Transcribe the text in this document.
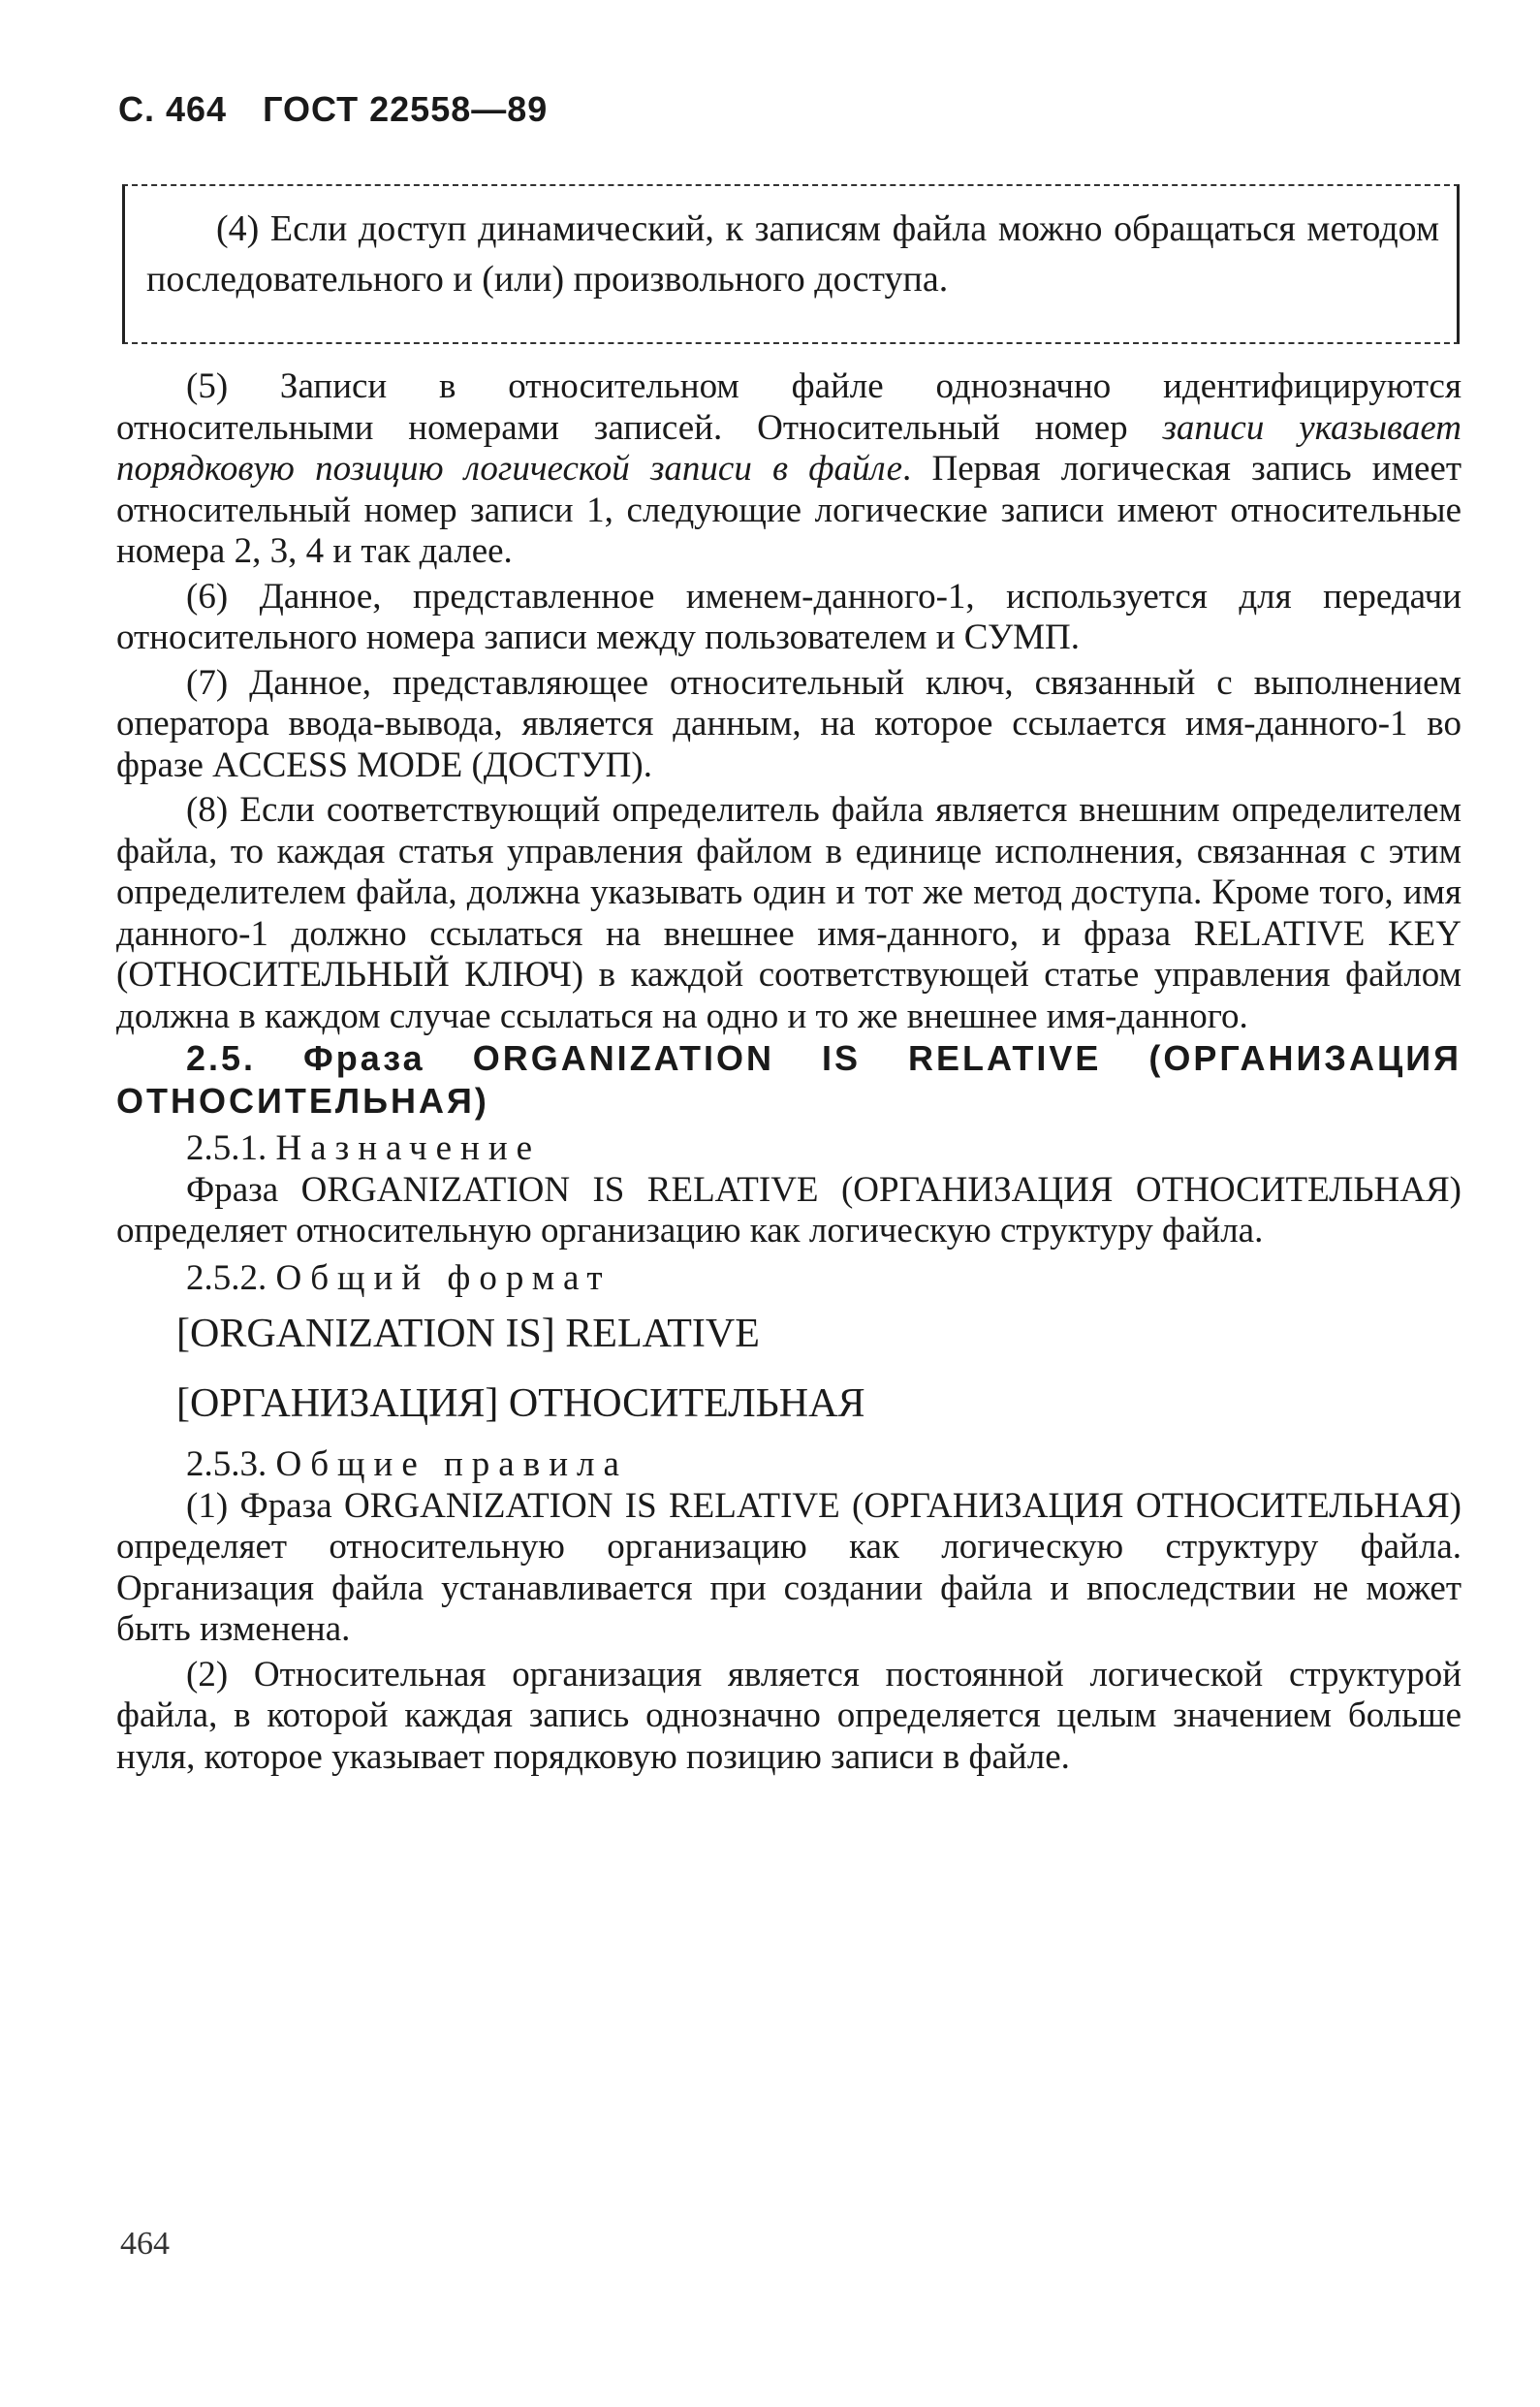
С. 464 ГОСТ 22558—89
(4) Если доступ динамический, к записям файла можно обращаться методом последовательного и (или) произвольного доступа.

(5) Записи в относительном файле однозначно идентифицируются относительными номерами записей. Относительный номер записи указывает порядковую позицию логической записи в файле. Первая логическая запись имеет относительный номер записи 1, следующие логические записи имеют относительные номера 2, 3, 4 и так далее.

(6) Данное, представленное именем-данного-1, используется для передачи относительного номера записи между пользователем и СУМП.

(7) Данное, представляющее относительный ключ, связанный с выполнением оператора ввода-вывода, является данным, на которое ссылается имя-данного-1 во фразе ACCESS MODE (ДОСТУП).

(8) Если соответствующий определитель файла является внешним определителем файла, то каждая статья управления файлом в единице исполнения, связанная с этим определителем файла, должна указывать один и тот же метод доступа. Кроме того, имя данного-1 должно ссылаться на внешнее имя-данного, и фраза RELATIVE KEY (ОТНОСИТЕЛЬНЫЙ КЛЮЧ) в каждой соответствующей статье управления файлом должна в каждом случае ссылаться на одно и то же внешнее имя-данного.

2.5. Фраза ORGANIZATION IS RELATIVE (ОРГАНИЗАЦИЯ ОТНОСИТЕЛЬНАЯ)

2.5.1. Назначение

Фраза ORGANIZATION IS RELATIVE (ОРГАНИЗАЦИЯ ОТНОСИТЕЛЬНАЯ) определяет относительную организацию как логическую структуру файла.

2.5.2. Общий формат

[ORGANIZATION IS] RELATIVE

[ОРГАНИЗАЦИЯ] ОТНОСИТЕЛЬНАЯ

2.5.3. Общие правила

(1) Фраза ORGANIZATION IS RELATIVE (ОРГАНИЗАЦИЯ ОТНОСИТЕЛЬНАЯ) определяет относительную организацию как логическую структуру файла. Организация файла устанавливается при создании файла и впоследствии не может быть изменена.

(2) Относительная организация является постоянной логической структурой файла, в которой каждая запись однозначно определяется целым значением больше нуля, которое указывает порядковую позицию записи в файле.

464
